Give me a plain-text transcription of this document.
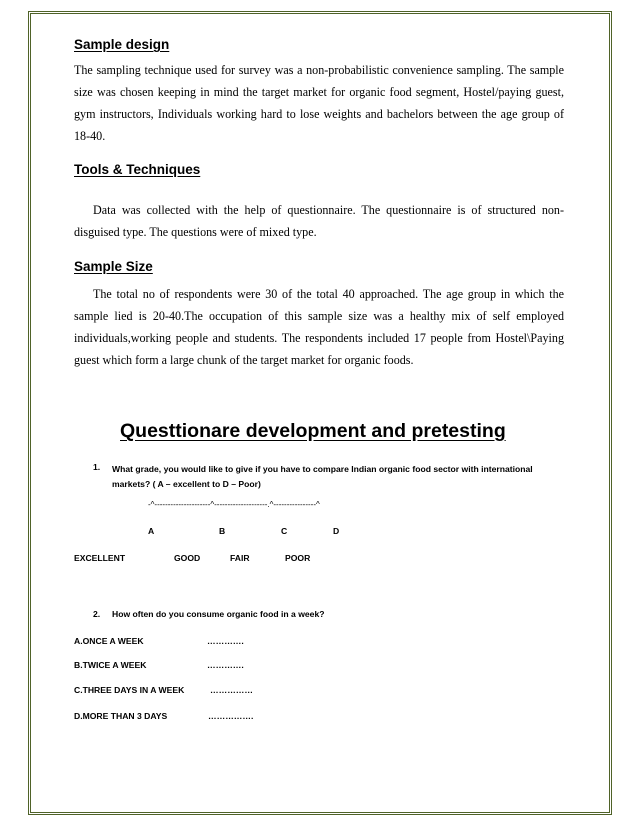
Sample design

The sampling technique used for survey was a non-probabilistic convenience sampling. The sample size was chosen keeping in mind the target market for organic food segment, Hostel/paying guest, gym instructors, Individuals working hard to lose weights and bachelors between the age group of 18-40.

Tools & Techniques

Data was collected with the help of questionnaire. The questionnaire is of structured non-disguised type. The questions were of mixed type.

Sample Size

The total no of respondents were 30 of the total 40 approached. The age group in which the sample lied is 20-40.The occupation of this sample size was a healthy mix of self employed individuals,working people and students. The respondents included 17 people from Hostel\Paying guest which form a large chunk of the target market for organic foods.

Questtionare development and pretesting
1. What grade, you would like to give if you have to compare Indian organic food sector with international markets? ( A – excellent to D – Poor)

-^---------------------^--------------------.^----------------^
A	B	C	D
EXCELLENT	GOOD	FAIR	POOR
2. How often do you consume organic food in a week?
A.ONCE A WEEK	………….
B.TWICE A WEEK	………….
C.THREE DAYS IN A WEEK	……………
D.MORE THAN 3 DAYS	…………….
